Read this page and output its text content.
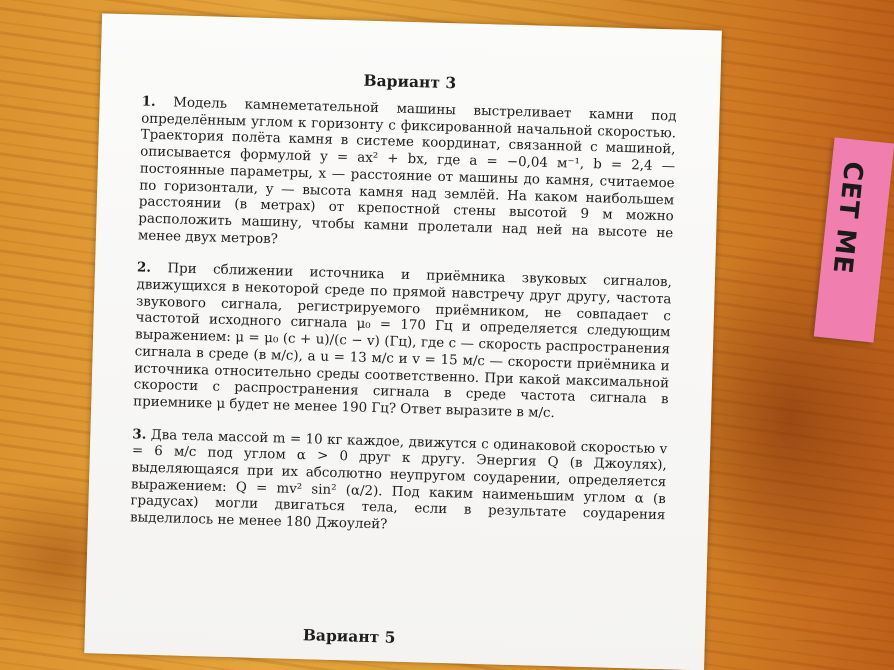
СЕТ МЕ
Вариант 3

1. Модель камнеметательной машины выстреливает камни под определённым углом к горизонту с фиксированной начальной скоростью. Траектория полёта камня в системе координат, связанной с машиной, описывается формулой y = ax² + bx, где a = −0,04 м⁻¹, b = 2,4 — постоянные параметры, x — расстояние от машины до камня, считаемое по горизонтали, y — высота камня над землёй. На каком наибольшем расстоянии (в метрах) от крепостной стены высотой 9 м можно расположить машину, чтобы камни пролетали над ней на высоте не менее двух метров?

2. При сближении источника и приёмника звуковых сигналов, движущихся в некоторой среде по прямой навстречу друг другу, частота звукового сигнала, регистрируемого приёмником, не совпадает с частотой исходного сигнала μ₀ = 170 Гц и определяется следующим выражением: μ = μ₀ (c + u)/(c − v) (Гц), где c — скорость распространения сигнала в среде (в м/с), а u = 13 м/с и v = 15 м/с — скорости приёмника и источника относительно среды соответственно. При какой максимальной скорости c распространения сигнала в среде частота сигнала в приемнике μ будет не менее 190 Гц? Ответ выразите в м/с.

3. Два тела массой m = 10 кг каждое, движутся с одинаковой скоростью v = 6 м/с под углом α > 0 друг к другу. Энергия Q (в Джоулях), выделяющаяся при их абсолютно неупругом соударении, определяется выражением: Q = mv² sin² (α/2). Под каким наименьшим углом α (в градусах) могли двигаться тела, если в результате соударения выделилось не менее 180 Джоулей?

Вариант 5
